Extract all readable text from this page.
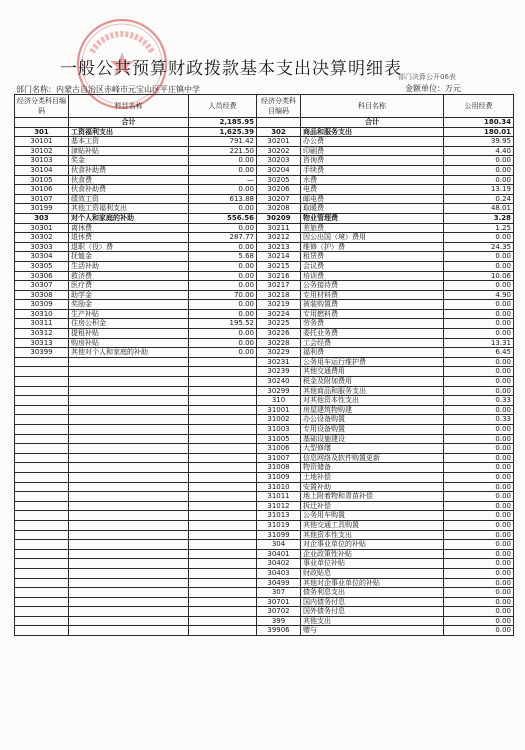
一般公共预算财政拨款基本支出决算明细表
部门决算公开06表
部门名称：内蒙古自治区赤峰市元宝山区平庄镇中学	金额单位：万元
经济分类科目编码	科目名称	人员经费	经济分类科目编码	科目名称	公用经费
	合计	2,185.95		合计	180.34
301	工资福利支出	1,625.39	302	商品和服务支出	180.01
30101	基本工资	791.42	30201	办公费	39.95
30102	津贴补贴	221.50	30202	印刷费	4.40
30103	奖金	0.00	30203	咨询费	0.00
30104	伙食补助费	0.00	30204	手续费	0.00
30105	伙食费	—	30205	水费	0.00
30106	伙食补助费	0.00	30206	电费	13.19
30107	绩效工资	613.88	30207	邮电费	0.24
30199	其他工资福利支出	0.00	30208	取暖费	48.01
303	对个人和家庭的补助	556.56	30209	物业管理费	3.28
30301	离休费	0.00	30211	差旅费	1.25
30302	退休费	287.77	30212	因公出国（境）费用	0.00
30303	退职（役）费	0.00	30213	维修（护）费	24.35
30304	抚恤金	5.68	30214	租赁费	0.00
30305	生活补助	0.00	30215	会议费	0.00
30306	救济费	0.00	30216	培训费	10.06
30307	医疗费	0.00	30217	公务接待费	0.00
30308	助学金	70.00	30218	专用材料费	4.90
30309	奖励金	0.00	30219	被装购置费	0.00
30310	生产补贴	0.00	30224	专用燃料费	0.00
30311	住房公积金	195.52	30225	劳务费	0.00
30312	提租补贴	0.00	30226	委托业务费	0.00
30313	购房补贴	0.00	30228	工会经费	13.31
30399	其他对个人和家庭的补助	0.00	30229	福利费	6.45
			30231	公务用车运行维护费	0.00
			30239	其他交通费用	0.00
			30240	税金及附加费用	0.00
			30299	其他商品和服务支出	0.00
			310	对其他资本性支出	0.33
			31001	房屋建筑物购建	0.00
			31002	办公设备购置	0.33
			31003	专用设备购置	0.00
			31005	基础设施建设	0.00
			31006	大型修缮	0.00
			31007	信息网络及软件购置更新	0.00
			31008	物资储备	0.00
			31009	土地补偿	0.00
			31010	安置补助	0.00
			31011	地上附着物和青苗补偿	0.00
			31012	拆迁补偿	0.00
			31013	公务用车购置	0.00
			31019	其他交通工具购置	0.00
			31099	其他资本性支出	0.00
			304	对企事业单位的补贴	0.00
			30401	企业政策性补贴	0.00
			30402	事业单位补贴	0.00
			30403	财政贴息	0.00
			30499	其他对企事业单位的补贴	0.00
			307	债务利息支出	0.00
			30701	国内债务付息	0.00
			30702	国外债务付息	0.00
			399	其他支出	0.00
			39906	赠与	0.00
